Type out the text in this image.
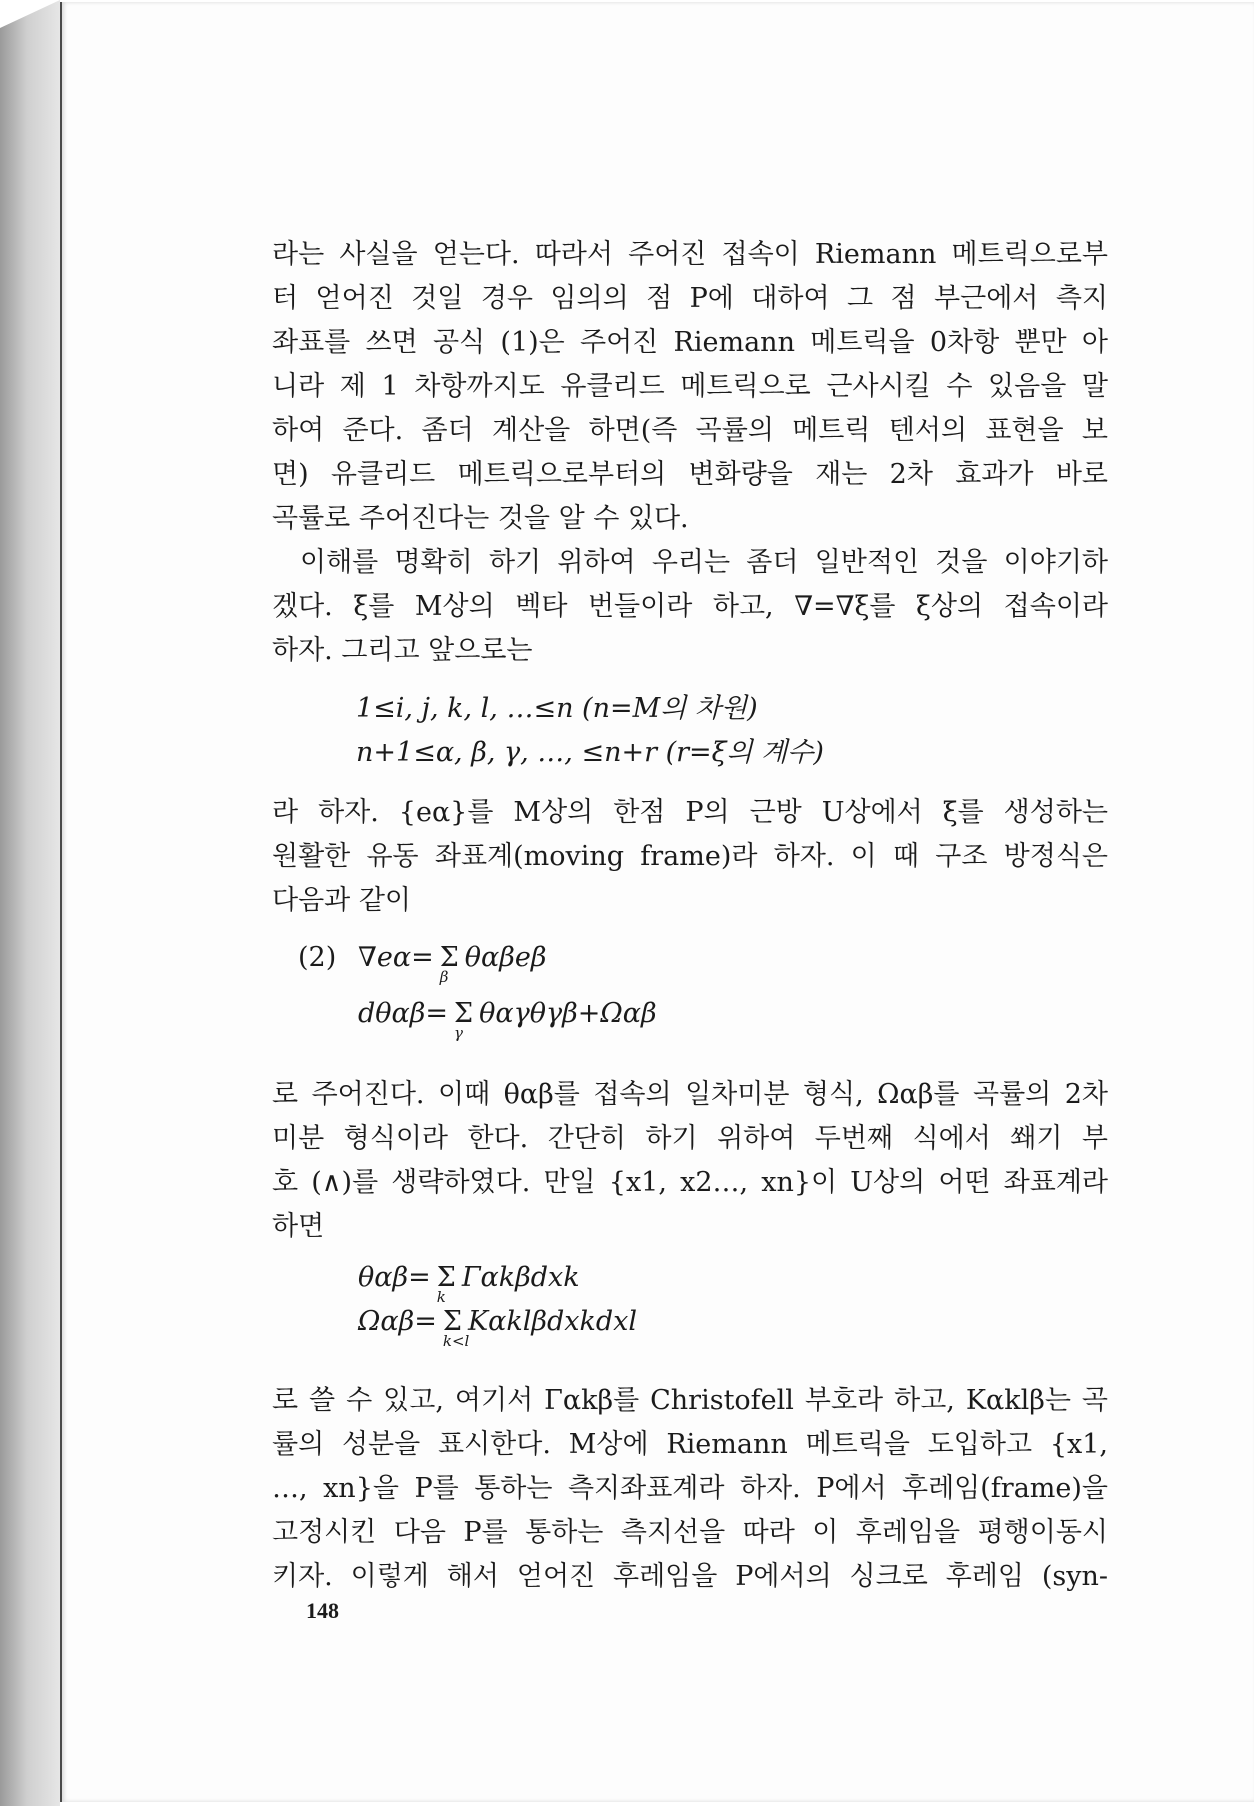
라는 사실을 얻는다. 따라서 주어진 접속이 Riemann 메트릭으로부
터 얻어진 것일 경우 임의의 점 P에 대하여 그 점 부근에서 측지
좌표를 쓰면 공식 (1)은 주어진 Riemann 메트릭을 0차항 뿐만 아
니라 제 1 차항까지도 유클리드 메트릭으로 근사시킬 수 있음을 말
하여 준다. 좀더 계산을 하면(즉 곡률의 메트릭 텐서의 표현을 보
면) 유클리드 메트릭으로부터의 변화량을 재는 2차 효과가 바로
곡률로 주어진다는 것을 알 수 있다.
이해를 명확히 하기 위하여 우리는 좀더 일반적인 것을 이야기하
겠다. ξ를 M상의 벡타 번들이라 하고, ∇=∇ξ를 ξ상의 접속이라
하자. 그리고 앞으로는
1≤i, j, k, l, …≤n (n=M의 차원)
n+1≤α, β, γ, …, ≤n+r (r=ξ의 계수)
라 하자. {eα}를 M상의 한점 P의 근방 U상에서 ξ를 생성하는
원활한 유동 좌표계(moving frame)라 하자. 이 때 구조 방정식은
다음과 같이
(2) ∇eα= Σ
β
θαβeβ
dθαβ= Σ
γ
θαγθγβ+Ωαβ
로 주어진다. 이때 θαβ를 접속의 일차미분 형식, Ωαβ를 곡률의 2차
미분 형식이라 한다. 간단히 하기 위하여 두번째 식에서 쐐기 부
호 (∧)를 생략하였다. 만일 {x1, x2…, xn}이 U상의 어떤 좌표계라
하면
θαβ= Σ
k
Γαkβdxk
Ωαβ= Σ
k<l
Kαklβdxkdxl
로 쓸 수 있고, 여기서 Γαkβ를 Christofell 부호라 하고, Kαklβ는 곡
률의 성분을 표시한다. M상에 Riemann 메트릭을 도입하고 {x1,
…, xn}을 P를 통하는 측지좌표계라 하자. P에서 후레임(frame)을
고정시킨 다음 P를 통하는 측지선을 따라 이 후레임을 평행이동시
키자. 이렇게 해서 얻어진 후레임을 P에서의 싱크로 후레임 (syn-
148
